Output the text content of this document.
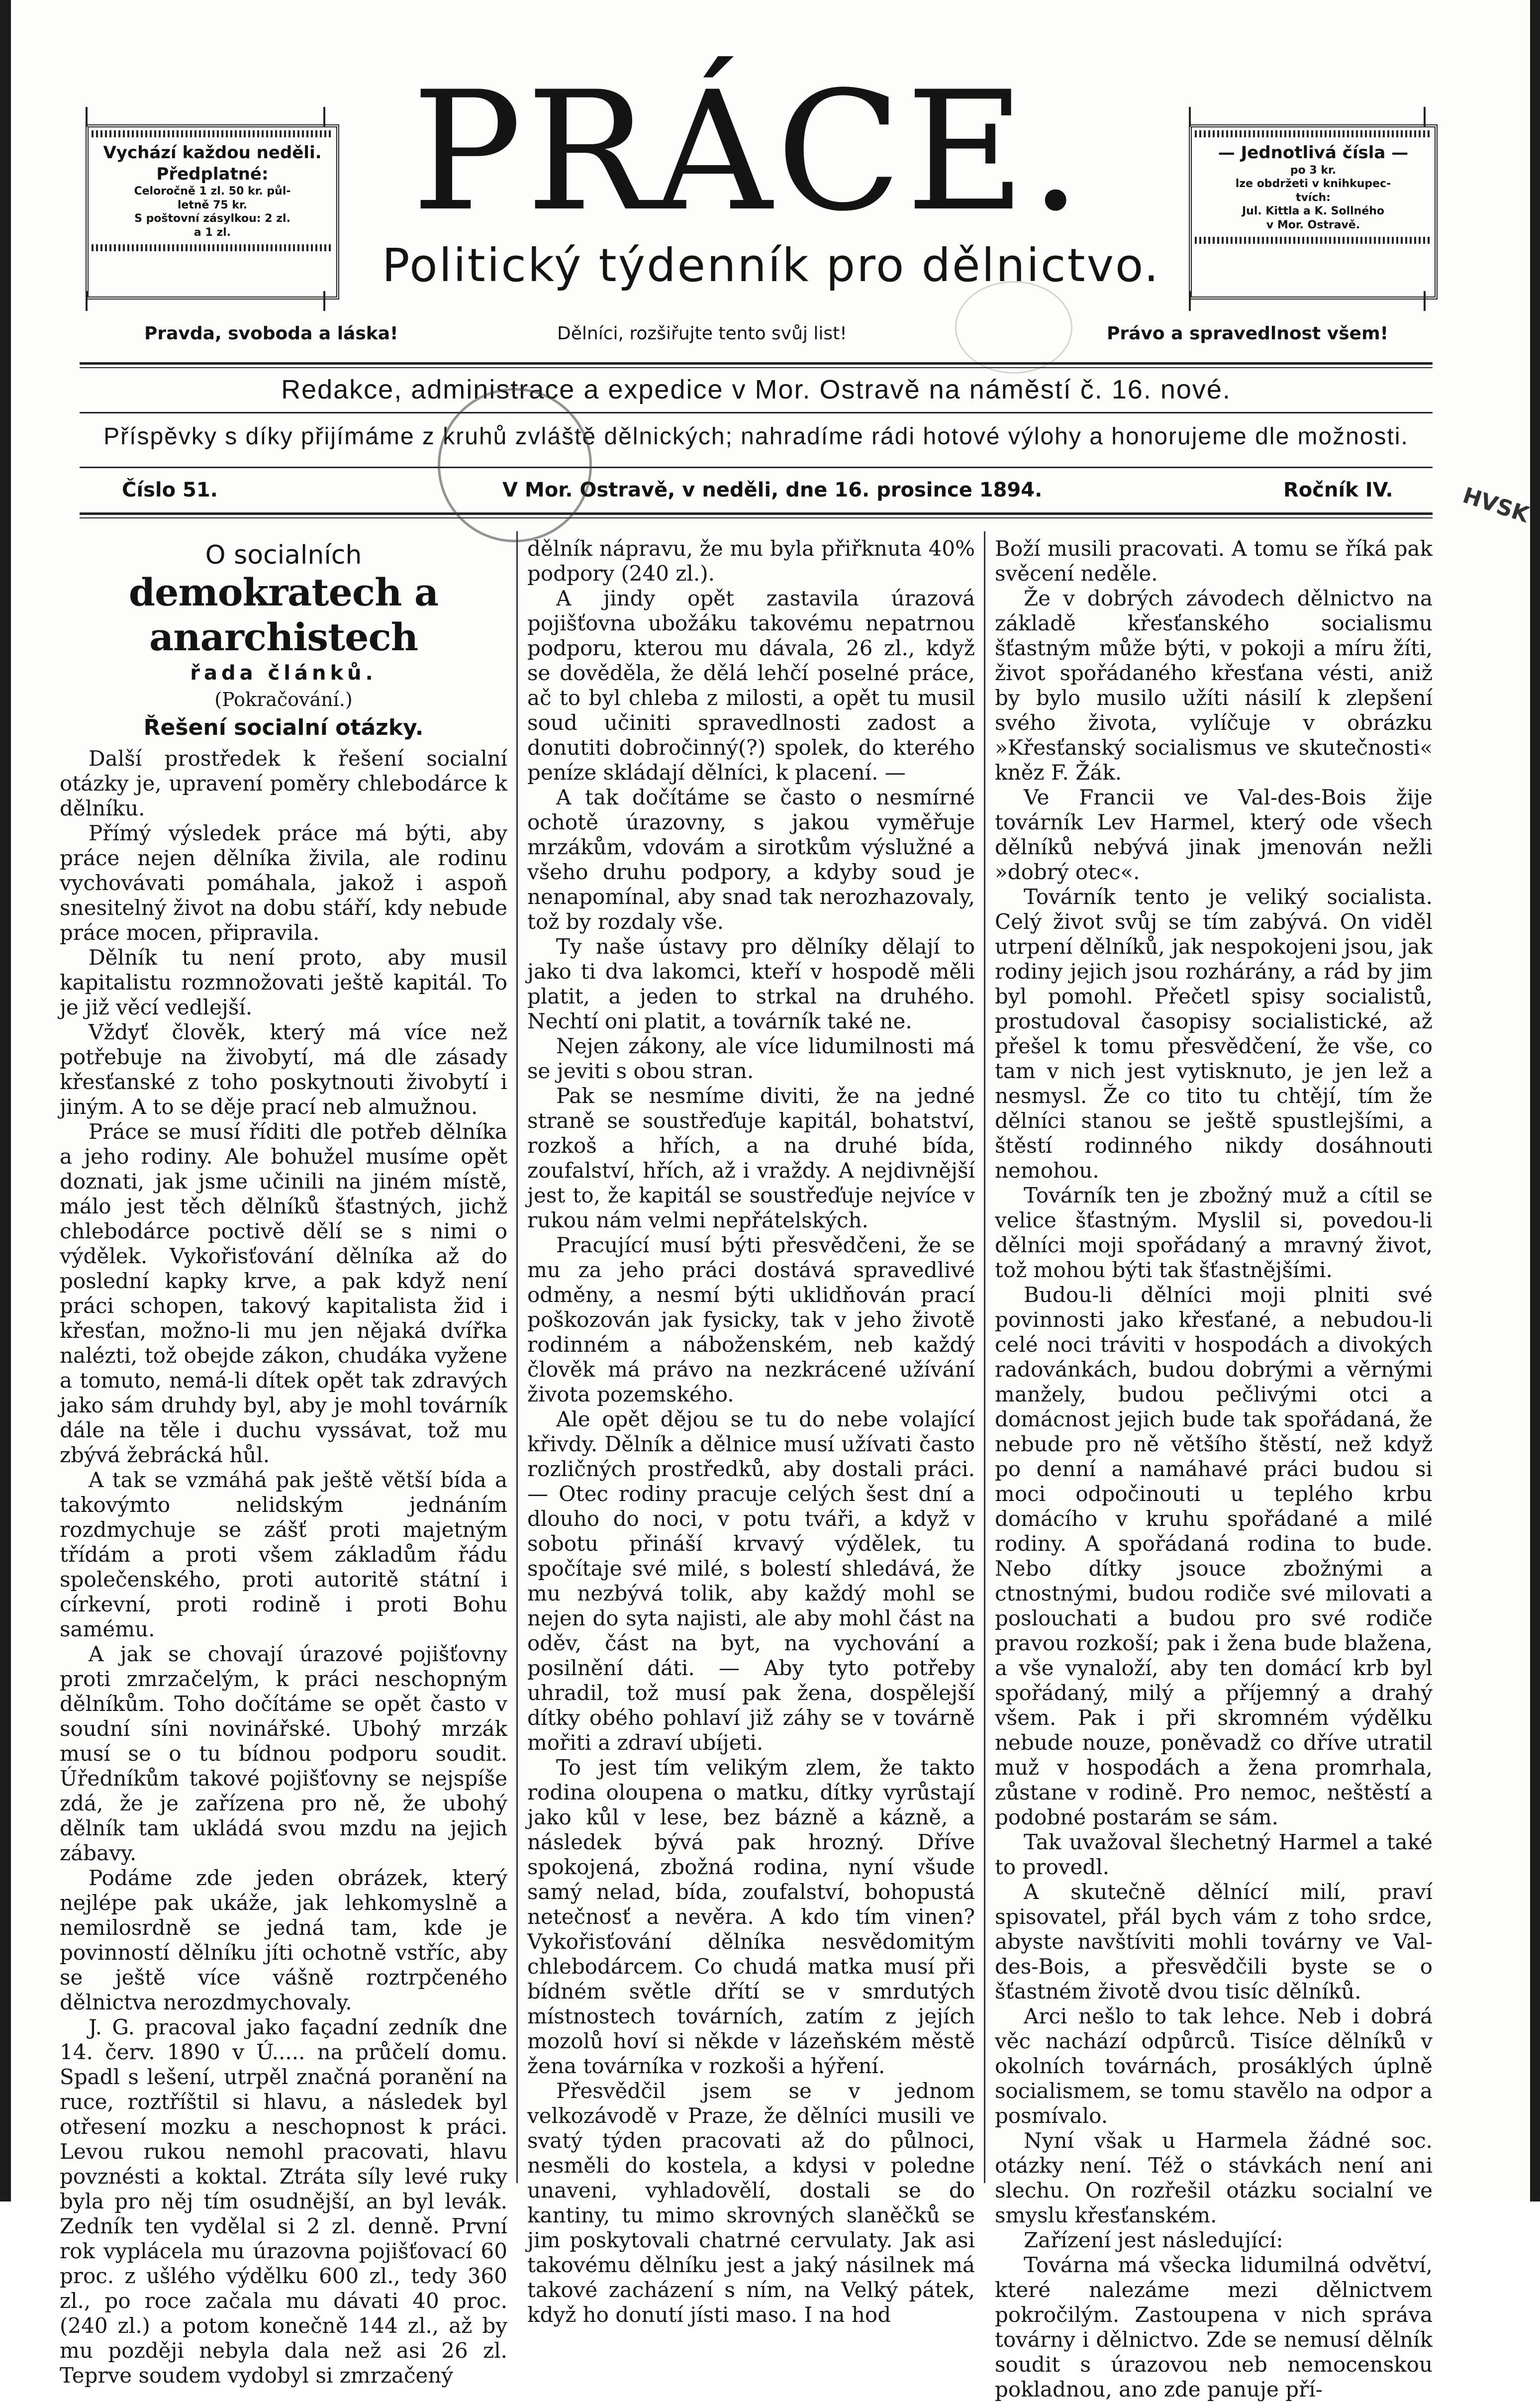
Vychází každou neděli.
Předplatné:
Celoročně 1 zl. 50 kr. půl-
letně 75 kr.
S poštovní zásylkou: 2 zl.
a 1 zl.
— Jednotlivá čísla —
po 3 kr.
lze obdržeti v knihkupec-
tvích:
Jul. Kittla a K. Sollného
v Mor. Ostravě.
PRÁCE.
Politický týdenník pro dělnictvo.
Pravda, svoboda a láska!	Dělníci, rozšiřujte tento svůj list!	Právo a spravedlnost všem!
Redakce, administrace a expedice v Mor. Ostravě na náměstí č. 16. nové.
Příspěvky s díky přijímáme z kruhů zvláště dělnických; nahradíme rádi hotové výlohy a honorujeme dle možnosti.
Číslo 51.	V Mor. Ostravě, v neděli, dne 16. prosince 1894.	Ročník IV.	HVSK
O socialních
demokratech a anarchistech
řada článků.
(Pokračování.)
Řešení socialní otázky.

Další prostředek k řešení socialní otázky je, upravení poměry chlebodárce k dělníku.

Přímý výsledek práce má býti, aby práce nejen dělníka živila, ale rodinu vychovávati pomáhala, jakož i aspoň snesitelný život na dobu stáří, kdy nebude práce mocen, připravila.

Dělník tu není proto, aby musil kapitalistu rozmnožovati ještě kapitál. To je již věcí vedlejší.

Vždyť člověk, který má více než potřebuje na živobytí, má dle zásady křesťanské z toho poskytnouti živobytí i jiným. A to se děje prací neb almužnou.

Práce se musí říditi dle potřeb dělníka a jeho rodiny. Ale bohužel musíme opět doznati, jak jsme učinili na jiném místě, málo jest těch dělníků šťastných, jichž chlebodárce poctivě dělí se s nimi o výdělek. Vykořisťování dělníka až do poslední kapky krve, a pak když není práci schopen, takový kapitalista žid i křesťan, možno-li mu jen nějaká dvířka nalézti, tož obejde zákon, chudáka vyžene a tomuto, nemá-li dítek opět tak zdravých jako sám druhdy byl, aby je mohl továrník dále na těle i duchu vyssávat, tož mu zbývá žebrácká hůl.

A tak se vzmáhá pak ještě větší bída a takovýmto nelidským jednáním rozdmychuje se zášť proti majetným třídám a proti všem základům řádu společenského, proti autoritě státní i církevní, proti rodině i proti Bohu samému.

A jak se chovají úrazové pojišťovny proti zmrzačelým, k práci neschopným dělníkům. Toho dočítáme se opět často v soudní síni novinářské. Ubohý mrzák musí se o tu bídnou podporu soudit. Úředníkům takové pojišťovny se nejspíše zdá, že je zařízena pro ně, že ubohý dělník tam ukládá svou mzdu na jejich zábavy.

Podáme zde jeden obrázek, který nejlépe pak ukáže, jak lehkomyslně a nemilosrdně se jedná tam, kde je povinností dělníku jíti ochotně vstříc, aby se ještě více vášně roztrpčeného dělnictva nerozdmychovaly.

J. G. pracoval jako façadní zedník dne 14. červ. 1890 v Ú..... na průčelí domu. Spadl s lešení, utrpěl značná poranění na ruce, roztříštil si hlavu, a následek byl otřesení mozku a neschopnost k práci. Levou rukou nemohl pracovati, hlavu povznésti a koktal. Ztráta síly levé ruky byla pro něj tím osudnější, an byl levák. Zedník ten vydělal si 2 zl. denně. První rok vyplácela mu úrazovna pojišťovací 60 proc. z ušlého výdělku 600 zl., tedy 360 zl., po roce začala mu dávati 40 proc. (240 zl.) a potom konečně 144 zl., až by mu později nebyla dala než asi 26 zl. Teprve soudem vydobyl si zmrzačený

dělník nápravu, že mu byla přiřknuta 40% podpory (240 zl.).

A jindy opět zastavila úrazová pojišťovna ubožáku takovému nepatrnou podporu, kterou mu dávala, 26 zl., když se dověděla, že dělá lehčí poselné práce, ač to byl chleba z milosti, a opět tu musil soud učiniti spravedlnosti zadost a donutiti dobročinný(?) spolek, do kterého peníze skládají dělníci, k placení. —

A tak dočítáme se často o nesmírné ochotě úrazovny, s jakou vyměřuje mrzákům, vdovám a sirotkům výslužné a všeho druhu podpory, a kdyby soud je nenapomínal, aby snad tak nerozhazovaly, tož by rozdaly vše.

Ty naše ústavy pro dělníky dělají to jako ti dva lakomci, kteří v hospodě měli platit, a jeden to strkal na druhého. Nechtí oni platit, a továrník také ne.

Nejen zákony, ale více lidumilnosti má se jeviti s obou stran.

Pak se nesmíme diviti, že na jedné straně se soustřeďuje kapitál, bohatství, rozkoš a hřích, a na druhé bída, zoufalství, hřích, až i vraždy. A nejdivnější jest to, že kapitál se soustřeďuje nejvíce v rukou nám velmi nepřátelských.

Pracující musí býti přesvědčeni, že se mu za jeho práci dostává spravedlivé odměny, a nesmí býti uklidňován prací poškozován jak fysicky, tak v jeho životě rodinném a náboženském, neb každý člověk má právo na nezkrácené užívání života pozemského.

Ale opět dějou se tu do nebe volající křivdy. Dělník a dělnice musí užívati často rozličných prostředků, aby dostali práci. — Otec rodiny pracuje celých šest dní a dlouho do noci, v potu tváři, a když v sobotu přináší krvavý výdělek, tu spočítaje své milé, s bolestí shledává, že mu nezbývá tolik, aby každý mohl se nejen do syta najisti, ale aby mohl část na oděv, část na byt, na vychování a posilnění dáti. — Aby tyto potřeby uhradil, tož musí pak žena, dospělejší dítky obého pohlaví již záhy se v továrně mořiti a zdraví ubíjeti.

To jest tím velikým zlem, že takto rodina oloupena o matku, dítky vyrůstají jako kůl v lese, bez bázně a kázně, a následek bývá pak hrozný. Dříve spokojená, zbožná rodina, nyní všude samý nelad, bída, zoufalství, bohopustá netečnosť a nevěra. A kdo tím vinen? Vykořisťování dělníka nesvědomitým chlebodárcem. Co chudá matka musí při bídném světle dřítí se v smrdutých místnostech továrních, zatím z jejích mozolů hoví si někde v lázeňském městě žena továrníka v rozkoši a hýření.

Přesvědčil jsem se v jednom velkozávodě v Praze, že dělníci musili ve svatý týden pracovati až do půlnoci, nesměli do kostela, a kdysi v poledne unaveni, vyhladovělí, dostali se do kantiny, tu mimo skrovných slaněčků se jim poskytovali chatrné cervulaty. Jak asi takovému dělníku jest a jaký násilnek má takové zacházení s ním, na Velký pátek, když ho donutí jísti maso. I na hod

Boží musili pracovati. A tomu se říká pak svěcení neděle.

Že v dobrých závodech dělnictvo na základě křesťanského socialismu šťastným může býti, v pokoji a míru žíti, život spořádaného křesťana vésti, aniž by bylo musilo užíti násilí k zlepšení svého života, vylíčuje v obrázku »Křesťanský socialismus ve skutečnosti« kněz F. Žák.

Ve Francii ve Val-des-Bois žije továrník Lev Harmel, který ode všech dělníků nebývá jinak jmenován nežli »dobrý otec«.

Továrník tento je veliký socialista. Celý život svůj se tím zabývá. On viděl utrpení dělníků, jak nespokojeni jsou, jak rodiny jejich jsou rozhárány, a rád by jim byl pomohl. Přečetl spisy socialistů, prostudoval časopisy socialistické, až přešel k tomu přesvědčení, že vše, co tam v nich jest vytisknuto, je jen lež a nesmysl. Že co tito tu chtějí, tím že dělníci stanou se ještě spustlejšími, a štěstí rodinného nikdy dosáhnouti nemohou.

Továrník ten je zbožný muž a cítil se velice šťastným. Myslil si, povedou-li dělníci moji spořádaný a mravný život, tož mohou býti tak šťastnějšími.

Budou-li dělníci moji plniti své povinnosti jako křesťané, a nebudou-li celé noci tráviti v hospodách a divokých radovánkách, budou dobrými a věrnými manžely, budou pečlivými otci a domácnost jejich bude tak spořádaná, že nebude pro ně většího štěstí, než když po denní a namáhavé práci budou si moci odpočinouti u teplého krbu domácího v kruhu spořádané a milé rodiny. A spořádaná rodina to bude. Nebo dítky jsouce zbožnými a ctnostnými, budou rodiče své milovati a poslouchati a budou pro své rodiče pravou rozkoší; pak i žena bude blažena, a vše vynaloží, aby ten domácí krb byl spořádaný, milý a příjemný a drahý všem. Pak i při skromném výdělku nebude nouze, poněvadž co dříve utratil muž v hospodách a žena promrhala, zůstane v rodině. Pro nemoc, neštěstí a podobné postarám se sám.

Tak uvažoval šlechetný Harmel a také to provedl.

A skutečně dělnící milí, praví spisovatel, přál bych vám z toho srdce, abyste navštíviti mohli továrny ve Val-des-Bois, a přesvědčili byste se o šťastném životě dvou tisíc dělníků.

Arci nešlo to tak lehce. Neb i dobrá věc nachází odpůrců. Tisíce dělníků v okolních továrnách, prosáklých úplně socialismem, se tomu stavělo na odpor a posmívalo.

Nyní však u Harmela žádné soc. otázky není. Též o stávkách není ani slechu. On rozřešil otázku socialní ve smyslu křesťanském.

Zařízení jest následující:

Továrna má všecka lidumilná odvětví, které nalezáme mezi dělnictvem pokročilým. Zastoupena v nich správa továrny i dělnictvo. Zde se nemusí dělník soudit s úrazovou neb nemocenskou pokladnou, ano zde panuje pří-
